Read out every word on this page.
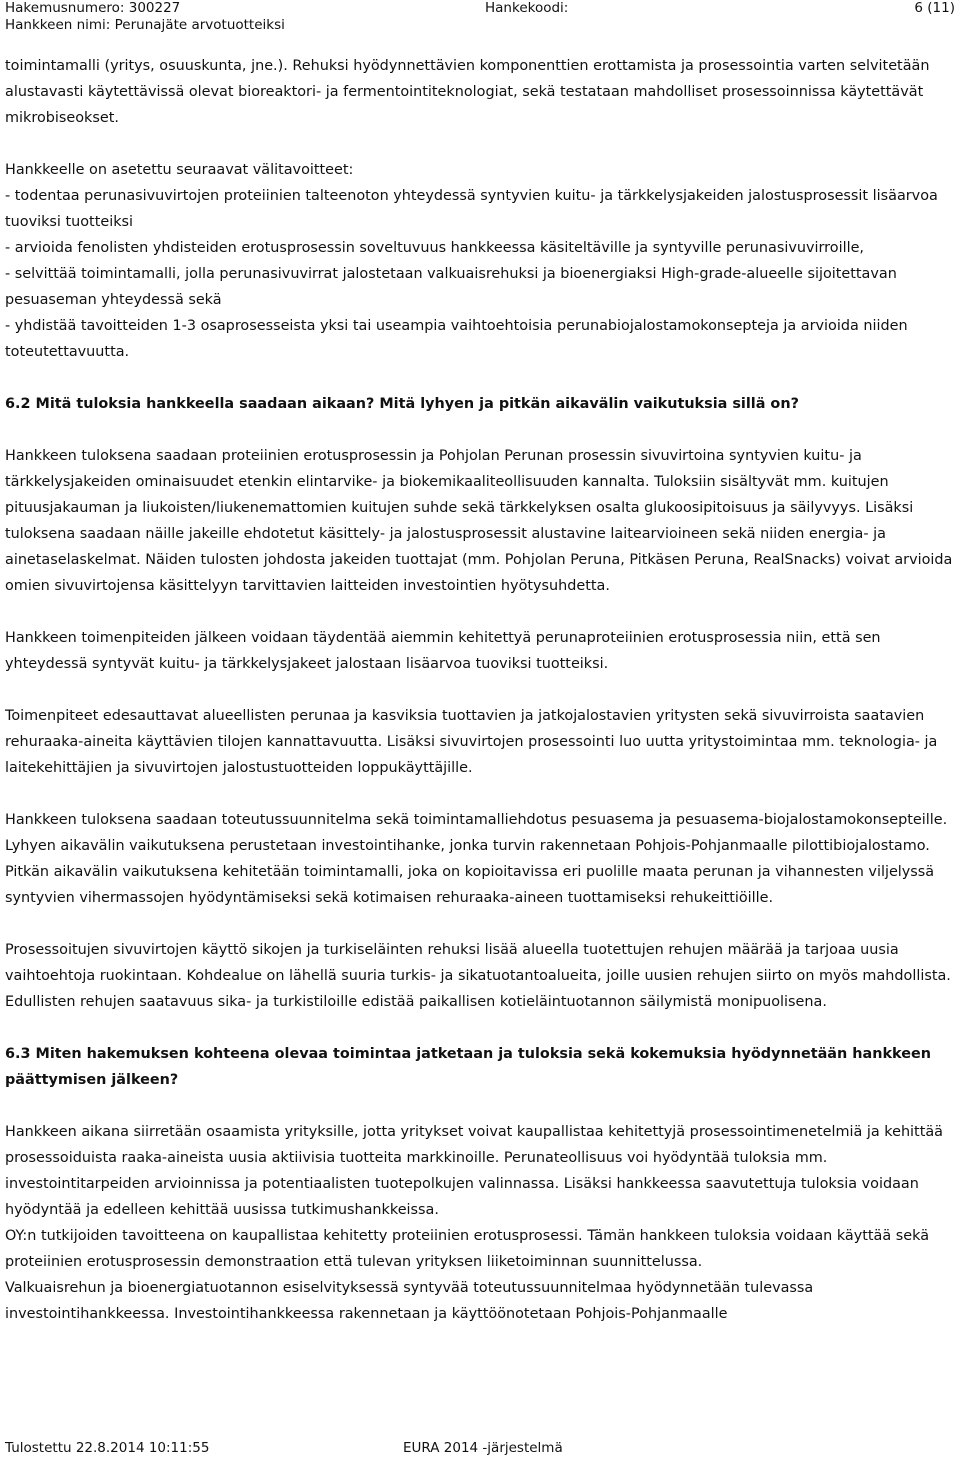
Hakemusnumero: 300227
Hankkeen nimi: Perunajäte arvotuotteiksi
Hankekoodi:	6 (11)

toimintamalli (yritys, osuuskunta, jne.). Rehuksi hyödynnettävien komponenttien erottamista ja prosessointia varten selvitetään alustavasti käytettävissä olevat bioreaktori- ja fermentointiteknologiat, sekä testataan mahdolliset prosessoinnissa käytettävät mikrobiseokset.

Hankkeelle on asetettu seuraavat välitavoitteet:

- todentaa perunasivuvirtojen proteiinien talteenoton yhteydessä syntyvien kuitu- ja tärkkelysjakeiden jalostusprosessit lisäarvoa tuoviksi tuotteiksi

- arvioida fenolisten yhdisteiden erotusprosessin soveltuvuus hankkeessa käsiteltäville ja syntyville perunasivuvirroille,

- selvittää toimintamalli, jolla perunasivuvirrat jalostetaan valkuaisrehuksi ja bioenergiaksi High-grade-alueelle sijoitettavan pesuaseman yhteydessä sekä

- yhdistää tavoitteiden 1-3 osaprosesseista yksi tai useampia vaihtoehtoisia perunabiojalostamokonsepteja ja arvioida niiden toteutettavuutta.

6.2 Mitä tuloksia hankkeella saadaan aikaan? Mitä lyhyen ja pitkän aikavälin vaikutuksia sillä on?

Hankkeen tuloksena saadaan proteiinien erotusprosessin ja Pohjolan Perunan prosessin sivuvirtoina syntyvien kuitu- ja tärkkelysjakeiden ominaisuudet etenkin elintarvike- ja biokemikaaliteollisuuden kannalta. Tuloksiin sisältyvät mm. kuitujen pituusjakauman ja liukoisten/liukenemattomien kuitujen suhde sekä tärkkelyksen osalta glukoosipitoisuus ja säilyvyys. Lisäksi tuloksena saadaan näille jakeille ehdotetut käsittely- ja jalostusprosessit alustavine laitearvioineen sekä niiden energia- ja ainetaselaskelmat. Näiden tulosten johdosta jakeiden tuottajat (mm. Pohjolan Peruna, Pitkäsen Peruna, RealSnacks) voivat arvioida omien sivuvirtojensa käsittelyyn tarvittavien laitteiden investointien hyötysuhdetta.

Hankkeen toimenpiteiden jälkeen voidaan täydentää aiemmin kehitettyä perunaproteiinien erotusprosessia niin, että sen yhteydessä syntyvät kuitu- ja tärkkelysjakeet jalostaan lisäarvoa tuoviksi tuotteiksi.

Toimenpiteet edesauttavat alueellisten perunaa ja kasviksia tuottavien ja jatkojalostavien yritysten sekä sivuvirroista saatavien rehuraaka-aineita käyttävien tilojen kannattavuutta. Lisäksi sivuvirtojen prosessointi luo uutta yritystoimintaa mm. teknologia- ja laitekehittäjien ja sivuvirtojen jalostustuotteiden loppukäyttäjille.

Hankkeen tuloksena saadaan toteutussuunnitelma sekä toimintamalliehdotus pesuasema ja pesuasema-biojalostamokonsepteille. Lyhyen aikavälin vaikutuksena perustetaan investointihanke, jonka turvin rakennetaan Pohjois-Pohjanmaalle pilottibiojalostamo. Pitkän aikavälin vaikutuksena kehitetään toimintamalli, joka on kopioitavissa eri puolille maata perunan ja vihannesten viljelyssä syntyvien vihermassojen hyödyntämiseksi sekä kotimaisen rehuraaka-aineen tuottamiseksi rehukeittiöille.

Prosessoitujen sivuvirtojen käyttö sikojen ja turkiseläinten rehuksi lisää alueella tuotettujen rehujen määrää ja tarjoaa uusia vaihtoehtoja ruokintaan. Kohdealue on lähellä suuria turkis- ja sikatuotantoalueita, joille uusien rehujen siirto on myös mahdollista. Edullisten rehujen saatavuus sika- ja turkistiloille edistää paikallisen kotieläintuotannon säilymistä monipuolisena.

6.3 Miten hakemuksen kohteena olevaa toimintaa jatketaan ja tuloksia sekä kokemuksia hyödynnetään hankkeen päättymisen jälkeen?

Hankkeen aikana siirretään osaamista yrityksille, jotta yritykset voivat kaupallistaa kehitettyjä prosessointimenetelmiä ja kehittää prosessoiduista raaka-aineista uusia aktiivisia tuotteita markkinoille. Perunateollisuus voi hyödyntää tuloksia mm. investointitarpeiden arvioinnissa ja potentiaalisten tuotepolkujen valinnassa. Lisäksi hankkeessa saavutettuja tuloksia voidaan hyödyntää ja edelleen kehittää uusissa tutkimushankkeissa.

OY:n tutkijoiden tavoitteena on kaupallistaa kehitetty proteiinien erotusprosessi. Tämän hankkeen tuloksia voidaan käyttää sekä proteiinien erotusprosessin demonstraation että tulevan yrityksen liiketoiminnan suunnittelussa.

Valkuaisrehun ja bioenergiatuotannon esiselvityksessä syntyvää toteutussuunnitelmaa hyödynnetään tulevassa investointihankkeessa. Investointihankkeessa rakennetaan ja käyttöönotetaan Pohjois-Pohjanmaalle

Tulostettu 22.8.2014 10:11:55	EURA 2014 -järjestelmä
